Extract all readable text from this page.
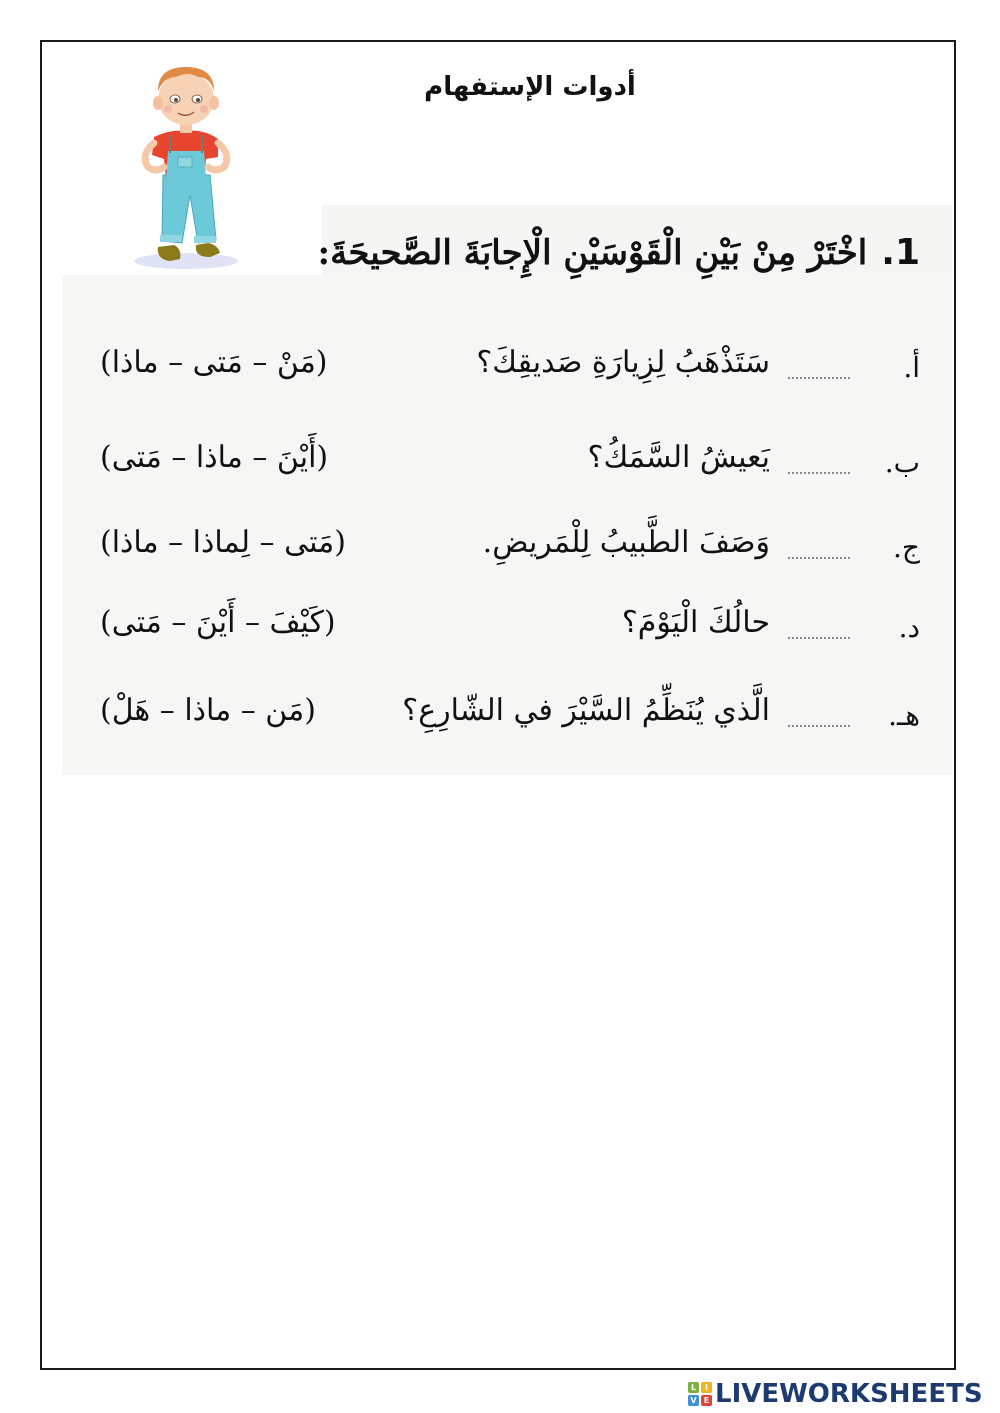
أدوات الإستفهام
1.اخْتَرْ مِنْ بَيْنِ الْقَوْسَيْنِ الْإِجابَةَ الصَّحيحَةَ:
أ.
سَتَذْهَبُ لِزِيارَةِ صَديقِكَ؟
(مَنْ – مَتى – ماذا)
ب.
يَعيشُ السَّمَكُ؟
(أَيْنَ – ماذا – مَتى)
ج.
وَصَفَ الطَّبيبُ لِلْمَريضِ.
(مَتى – لِماذا – ماذا)
د.
حالُكَ الْيَوْمَ؟
(كَيْفَ – أَيْنَ – مَتى)
هـ.
الَّذي يُنَظِّمُ السَّيْرَ في الشّارِعِ؟
(مَن – ماذا – هَلْ)
L	I
V E LIVEWORKSHEETS
